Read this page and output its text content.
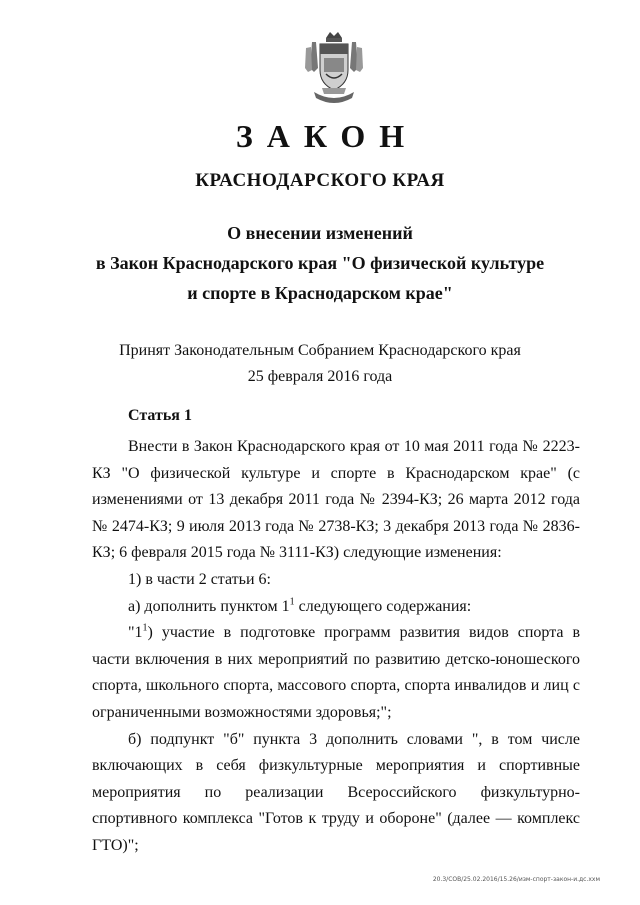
ЗАКОН
КРАСНОДАРСКОГО КРАЯ
О внесении изменений
в Закон Краснодарского края "О физической культуре
и спорте в Краснодарском крае"
Принят Законодательным Собранием Краснодарского края
25 февраля 2016 года
Статья 1

Внести в Закон Краснодарского края от 10 мая 2011 года № 2223-КЗ "О физической культуре и спорте в Краснодарском крае" (с изменениями от 13 декабря 2011 года № 2394-КЗ; 26 марта 2012 года № 2474-КЗ; 9 июля 2013 года № 2738-КЗ; 3 декабря 2013 года № 2836-КЗ; 6 февраля 2015 года № 3111-КЗ) следующие изменения:

1) в части 2 статьи 6:

а) дополнить пунктом $1^1$ следующего содержания:

"$1^1$) участие в подготовке программ развития видов спорта в части включения в них мероприятий по развитию детско-юношеского спорта, школьного спорта, массового спорта, спорта инвалидов и лиц с ограниченными возможностями здоровья;";

б) подпункт "б" пункта 3 дополнить словами ", в том числе включающих в себя физкультурные мероприятия и спортивные мероприятия по реализации Всероссийского физкультурно-спортивного комплекса "Готов к труду и обороне" (далее — комплекс ГТО)";

20.3/СОВ/25.02.2016/15.26/изм-спорт-закон-и.дс.ххм
